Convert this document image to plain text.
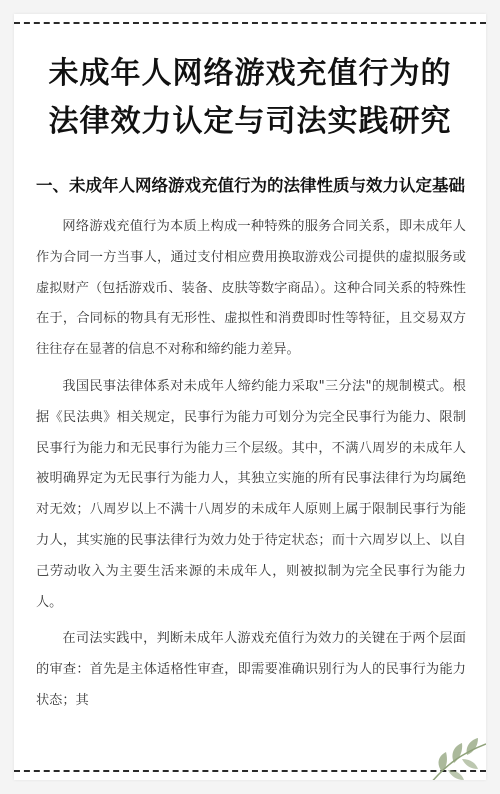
未成年人网络游戏充值行为的
法律效力认定与司法实践研究
一、未成年人网络游戏充值行为的法律性质与效力认定基础

网络游戏充值行为本质上构成一种特殊的服务合同关系，即未成年人作为合同一方当事人，通过支付相应费用换取游戏公司提供的虚拟服务或虚拟财产（包括游戏币、装备、皮肤等数字商品）。这种合同关系的特殊性在于，合同标的物具有无形性、虚拟性和消费即时性等特征，且交易双方往往存在显著的信息不对称和缔约能力差异。

我国民事法律体系对未成年人缔约能力采取"三分法"的规制模式。根据《民法典》相关规定，民事行为能力可划分为完全民事行为能力、限制民事行为能力和无民事行为能力三个层级。其中，不满八周岁的未成年人被明确界定为无民事行为能力人，其独立实施的所有民事法律行为均属绝对无效；八周岁以上不满十八周岁的未成年人原则上属于限制民事行为能力人，其实施的民事法律行为效力处于待定状态；而十六周岁以上、以自己劳动收入为主要生活来源的未成年人，则被拟制为完全民事行为能力人。

在司法实践中，判断未成年人游戏充值行为效力的关键在于两个层面的审查：首先是主体适格性审查，即需要准确识别行为人的民事行为能力状态；其
